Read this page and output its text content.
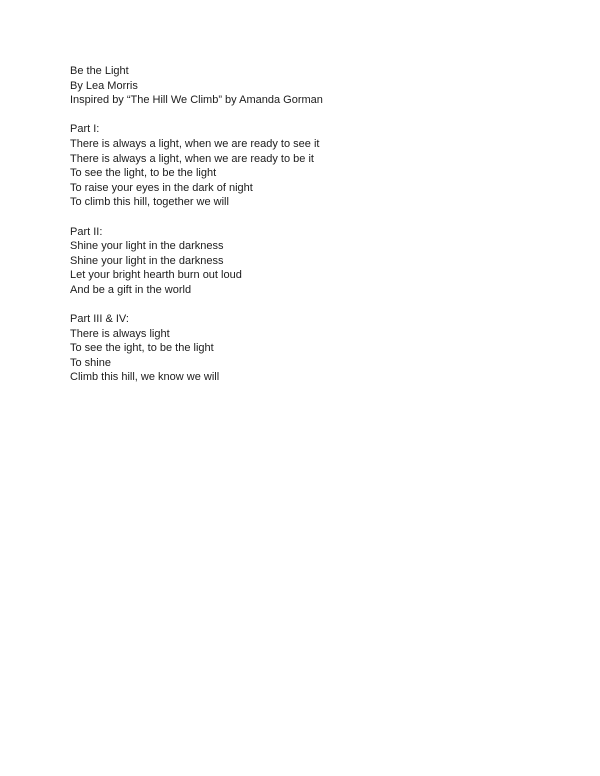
Be the Light
By Lea Morris
Inspired by “The Hill We Climb” by Amanda Gorman
Part I:
There is always a light, when we are ready to see it
There is always a light, when we are ready to be it
To see the light, to be the light
To raise your eyes in the dark of night
To climb this hill, together we will
Part II:
Shine your light in the darkness
Shine your light in the darkness
Let your bright hearth burn out loud
And be a gift in the world
Part III & IV:
There is always light
To see the ight, to be the light
To shine
Climb this hill, we know we will
